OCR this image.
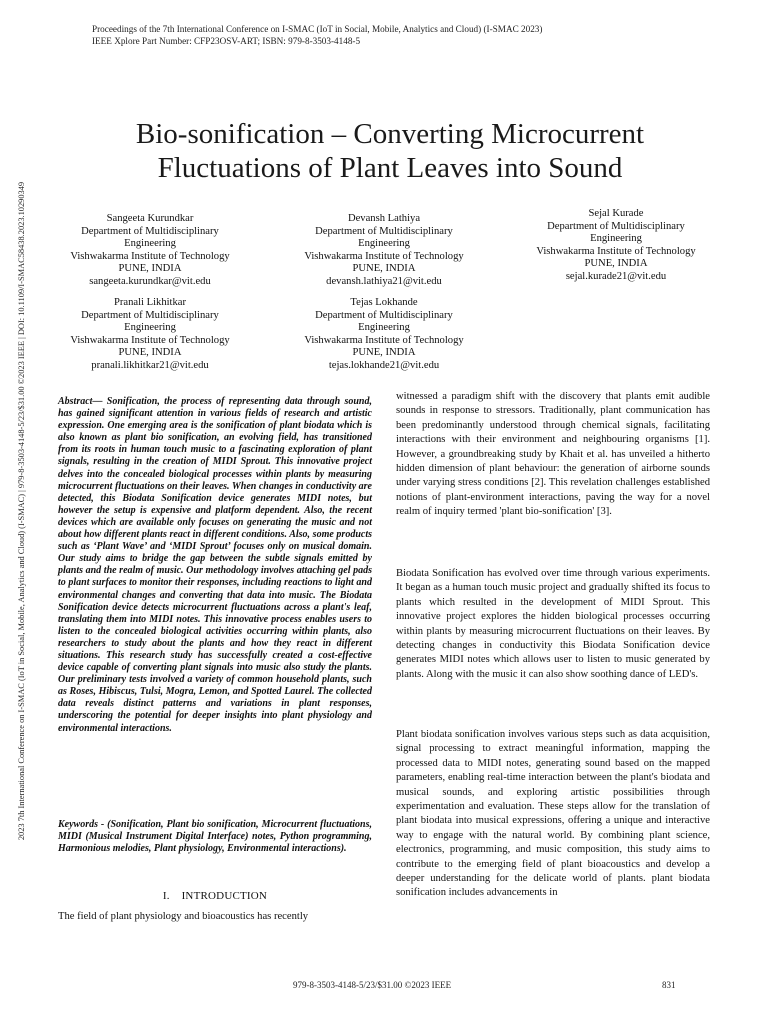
Proceedings of the 7th International Conference on I-SMAC (IoT in Social, Mobile, Analytics and Cloud) (I-SMAC 2023)
IEEE Xplore Part Number: CFP23OSV-ART; ISBN: 979-8-3503-4148-5
2023 7th International Conference on I-SMAC (IoT in Social, Mobile, Analytics and Cloud) (I-SMAC) | 979-8-3503-4148-5/23/$31.00 ©2023 IEEE | DOI: 10.1109/I-SMAC58438.2023.10290349
Bio-sonification – Converting Microcurrent
Fluctuations of Plant Leaves into Sound
Sangeeta Kurundkar
Department of Multidisciplinary
Engineering
Vishwakarma Institute of Technology
PUNE, INDIA
sangeeta.kurundkar@vit.edu
Devansh Lathiya
Department of Multidisciplinary
Engineering
Vishwakarma Institute of Technology
PUNE, INDIA
devansh.lathiya21@vit.edu
Sejal Kurade
Department of Multidisciplinary
Engineering
Vishwakarma Institute of Technology
PUNE, INDIA
sejal.kurade21@vit.edu
Pranali Likhitkar
Department of Multidisciplinary
Engineering
Vishwakarma Institute of Technology
PUNE, INDIA
pranali.likhitkar21@vit.edu
Tejas Lokhande
Department of Multidisciplinary
Engineering
Vishwakarma Institute of Technology
PUNE, INDIA
tejas.lokhande21@vit.edu
Abstract— Sonification, the process of representing data through sound, has gained significant attention in various fields of research and artistic expression. One emerging area is the sonification of plant biodata which is also known as plant bio sonification, an evolving field, has transitioned from its roots in human touch music to a fascinating exploration of plant signals, resulting in the creation of MIDI Sprout. This innovative project delves into the concealed biological processes within plants by measuring microcurrent fluctuations on their leaves. When changes in conductivity are detected, this Biodata Sonification device generates MIDI notes, but however the setup is expensive and platform dependent. Also, the recent devices which are available only focuses on generating the music and not about how different plants react in different conditions. Also, some products such as ‘Plant Wave’ and ‘MIDI Sprout’ focuses only on musical domain. Our study aims to bridge the gap between the subtle signals emitted by plants and the realm of music. Our methodology involves attaching gel pads to plant surfaces to monitor their responses, including reactions to light and environmental changes and converting that data into music. The Biodata Sonification device detects microcurrent fluctuations across a plant's leaf, translating them into MIDI notes. This innovative process enables users to listen to the concealed biological activities occurring within plants, also researchers to study about the plants and how they react in different situations. This research study has successfully created a cost-effective device capable of converting plant signals into music also study the plants. Our preliminary tests involved a variety of common household plants, such as Roses, Hibiscus, Tulsi, Mogra, Lemon, and Spotted Laurel. The collected data reveals distinct patterns and variations in plant responses, underscoring the potential for deeper insights into plant physiology and environmental interactions.
Keywords - (Sonification, Plant bio sonification, Microcurrent fluctuations, MIDI (Musical Instrument Digital Interface) notes, Python programming, Harmonious melodies, Plant physiology, Environmental interactions).
I. INTRODUCTION
The field of plant physiology and bioacoustics has recently
witnessed a paradigm shift with the discovery that plants emit audible sounds in response to stressors. Traditionally, plant communication has been predominantly understood through chemical signals, facilitating interactions with their environment and neighbouring organisms [1]. However, a groundbreaking study by Khait et al. has unveiled a hitherto hidden dimension of plant behaviour: the generation of airborne sounds under varying stress conditions [2]. This revelation challenges established notions of plant-environment interactions, paving the way for a novel realm of inquiry termed 'plant bio-sonification' [3].
Biodata Sonification has evolved over time through various experiments. It began as a human touch music project and gradually shifted its focus to plants which resulted in the development of MIDI Sprout. This innovative project explores the hidden biological processes occurring within plants by measuring microcurrent fluctuations on their leaves. By detecting changes in conductivity this Biodata Sonification device generates MIDI notes which allows user to listen to music generated by plants. Along with the music it can also show soothing dance of LED's.
Plant biodata sonification involves various steps such as data acquisition, signal processing to extract meaningful information, mapping the processed data to MIDI notes, generating sound based on the mapped parameters, enabling real-time interaction between the plant's biodata and musical sounds, and exploring artistic possibilities through experimentation and evaluation. These steps allow for the translation of plant biodata into musical expressions, offering a unique and interactive way to engage with the natural world. By combining plant science, electronics, programming, and music composition, this study aims to contribute to the emerging field of plant bioacoustics and develop a deeper understanding for the delicate world of plants. plant biodata sonification includes advancements in
979-8-3503-4148-5/23/$31.00 ©2023 IEEE	831
